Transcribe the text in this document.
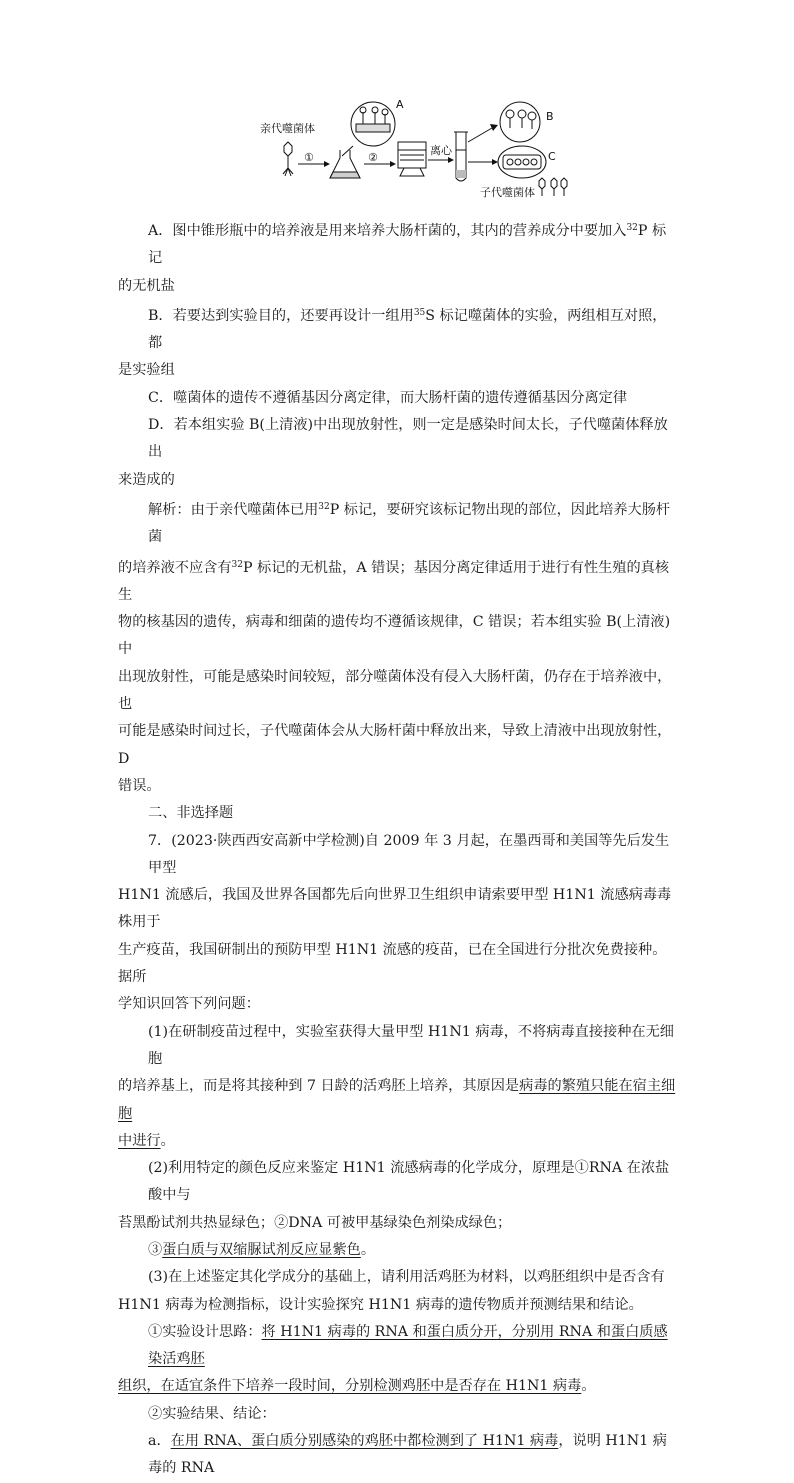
亲代噬菌体
①
A
②
离心
B
C
子代噬菌体

A．图中锥形瓶中的培养液是用来培养大肠杆菌的，其内的营养成分中要加入$^{32}$P 标记

的无机盐

B．若要达到实验目的，还要再设计一组用$^{35}$S 标记噬菌体的实验，两组相互对照，都

是实验组

C．噬菌体的遗传不遵循基因分离定律，而大肠杆菌的遗传遵循基因分离定律

D．若本组实验 B(上清液)中出现放射性，则一定是感染时间太长，子代噬菌体释放出

来造成的

解析：由于亲代噬菌体已用$^{32}$P 标记，要研究该标记物出现的部位，因此培养大肠杆菌

的培养液不应含有$^{32}$P 标记的无机盐，A 错误；基因分离定律适用于进行有性生殖的真核生

物的核基因的遗传，病毒和细菌的遗传均不遵循该规律，C 错误；若本组实验 B(上清液)中

出现放射性，可能是感染时间较短，部分噬菌体没有侵入大肠杆菌，仍存在于培养液中，也

可能是感染时间过长，子代噬菌体会从大肠杆菌中释放出来，导致上清液中出现放射性，D

错误。

二、非选择题

7．(2023·陕西西安高新中学检测)自 2009 年 3 月起，在墨西哥和美国等先后发生甲型

H1N1 流感后，我国及世界各国都先后向世界卫生组织申请索要甲型 H1N1 流感病毒毒株用于

生产疫苗，我国研制出的预防甲型 H1N1 流感的疫苗，已在全国进行分批次免费接种。据所

学知识回答下列问题：

(1)在研制疫苗过程中，实验室获得大量甲型 H1N1 病毒，不将病毒直接接种在无细胞

的培养基上，而是将其接种到 7 日龄的活鸡胚上培养，其原因是病毒的繁殖只能在宿主细胞

中进行。

(2)利用特定的颜色反应来鉴定 H1N1 流感病毒的化学成分，原理是①RNA 在浓盐酸中与

苔黑酚试剂共热显绿色；②DNA 可被甲基绿染色剂染成绿色；

③蛋白质与双缩脲试剂反应显紫色。

(3)在上述鉴定其化学成分的基础上，请利用活鸡胚为材料，以鸡胚组织中是否含有

H1N1 病毒为检测指标，设计实验探究 H1N1 病毒的遗传物质并预测结果和结论。

①实验设计思路：将 H1N1 病毒的 RNA 和蛋白质分开，分别用 RNA 和蛋白质感染活鸡胚

组织，在适宜条件下培养一段时间，分别检测鸡胚中是否存在 H1N1 病毒。

②实验结果、结论：

a．在用 RNA、蛋白质分别感染的鸡胚中都检测到了 H1N1 病毒，说明 H1N1 病毒的 RNA
